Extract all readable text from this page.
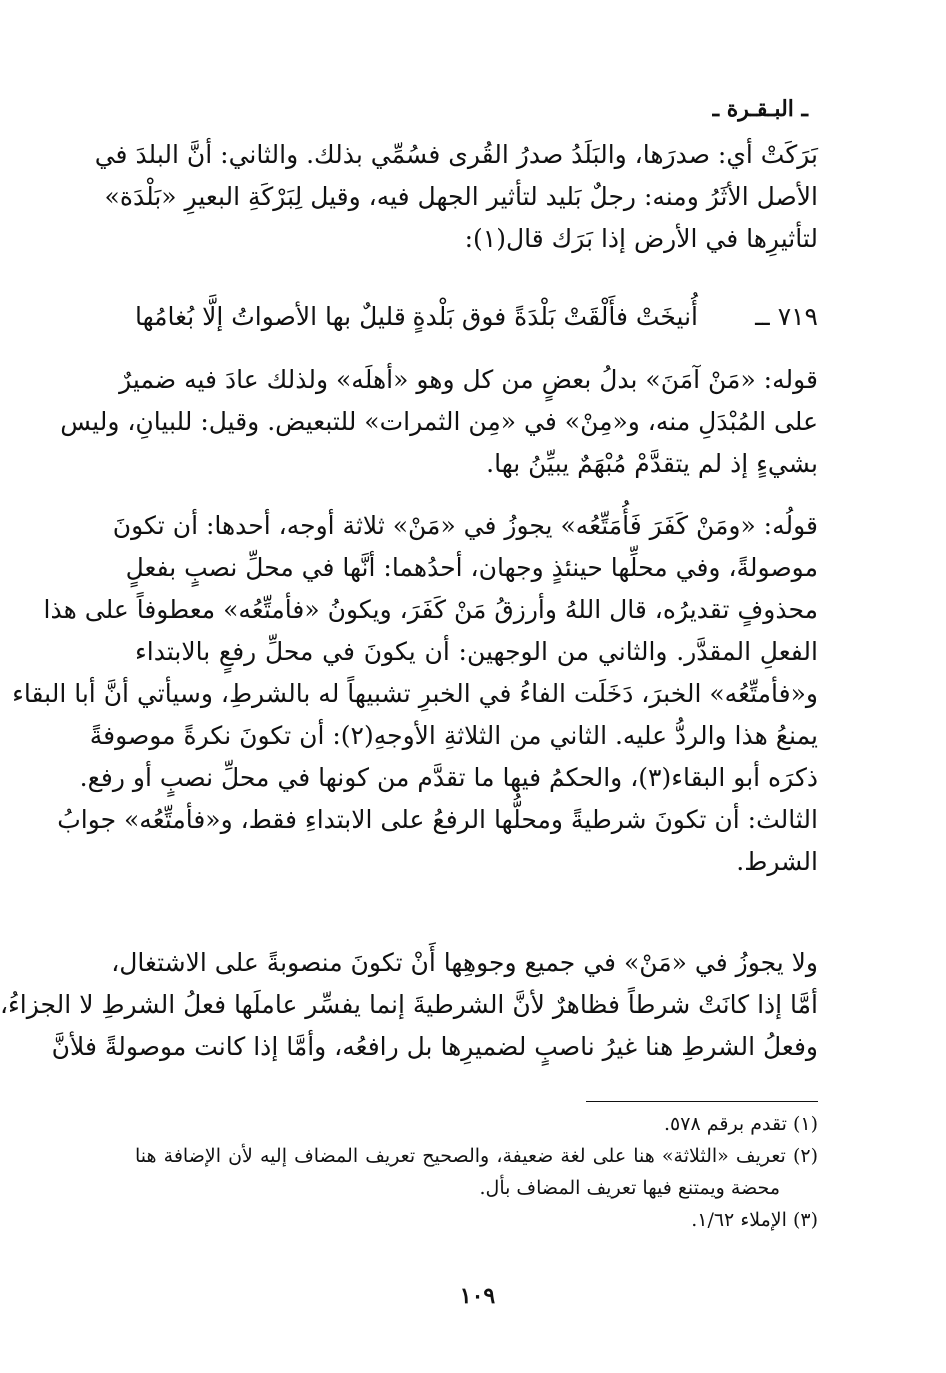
ـ البـقـرة ـ
بَرَكَتْ أي: صدرَها، والبَلَدُ صدرُ القُرى فسُمِّي بذلك. والثاني: أنَّ البلدَ في
الأصل الأثَرُ ومنه: رجلٌ بَليد لتأثير الجهل فيه، وقيل لِبَرْكَةِ البعيرِ «بَلْدَة»
لتأثيرِها في الأرض إذا بَرَك قال(١):
٧١٩ ــ
أُنيخَتْ فأَلْقَتْ بَلْدَةً فوق بَلْدةٍ
قليلٌ بها الأصواتُ إلَّا بُغامُها
قوله: «مَنْ آمَنَ» بدلُ بعضٍ من كل وهو «أهلَه» ولذلك عادَ فيه ضميرٌ
على المُبْدَلِ منه، و«مِنْ» في «مِن الثمرات» للتبعيض. وقيل: للبيانِ، وليس
بشيءٍ إذ لم يتقدَّمْ مُبْهَمٌ يبيِّنُ بها.
قولُه: «ومَنْ كَفَرَ فَأُمَتِّعُه» يجوزُ في «مَنْ» ثلاثة أوجه، أحدها: أن تكونَ
موصولةً، وفي محلِّها حينئذٍ وجهان، أحدُهما: أنَّها في محلِّ نصبٍ بفعلٍ
محذوفٍ تقديرُه، قال اللهُ وأرزقُ مَنْ كَفَرَ، ويكونُ «فأمتِّعُه» معطوفاً على هذا
الفعلِ المقدَّر. والثاني من الوجهين: أن يكونَ في محلِّ رفعٍ بالابتداء
و«فأمتِّعُه» الخبرَ، دَخَلَت الفاءُ في الخبرِ تشبيهاً له بالشرطِ، وسيأتي أنَّ أبا البقاء
يمنعُ هذا والردُّ عليه. الثاني من الثلاثةِ الأوجهِ(٢): أن تكونَ نكرةً موصوفةً
ذكرَه أبو البقاء(٣)، والحكمُ فيها ما تقدَّم من كونها في محلِّ نصبٍ أو رفع.
الثالث: أن تكونَ شرطيةً ومحلُّها الرفعُ على الابتداءِ فقط، و«فأمتِّعُه» جوابُ
الشرط.
ولا يجوزُ في «مَنْ» في جميع وجوهِها أَنْ تكونَ منصوبةً على الاشتغال،
أمَّا إذا كانَتْ شرطاً فظاهرٌ لأنَّ الشرطيةَ إنما يفسِّر عاملَها فعلُ الشرطِ لا الجزاءُ،
وفعلُ الشرطِ هنا غيرُ ناصبٍ لضميرِها بل رافعُه، وأمَّا إذا كانت موصولةً فلأنَّ
(١) تقدم برقم ٥٧٨.
(٢) تعريف «الثلاثة» هنا على لغة ضعيفة، والصحيح تعريف المضاف إليه لأن الإضافة هنا
محضة ويمتنع فيها تعريف المضاف بأل.
(٣) الإملاء ١/٦٢.
١٠٩
